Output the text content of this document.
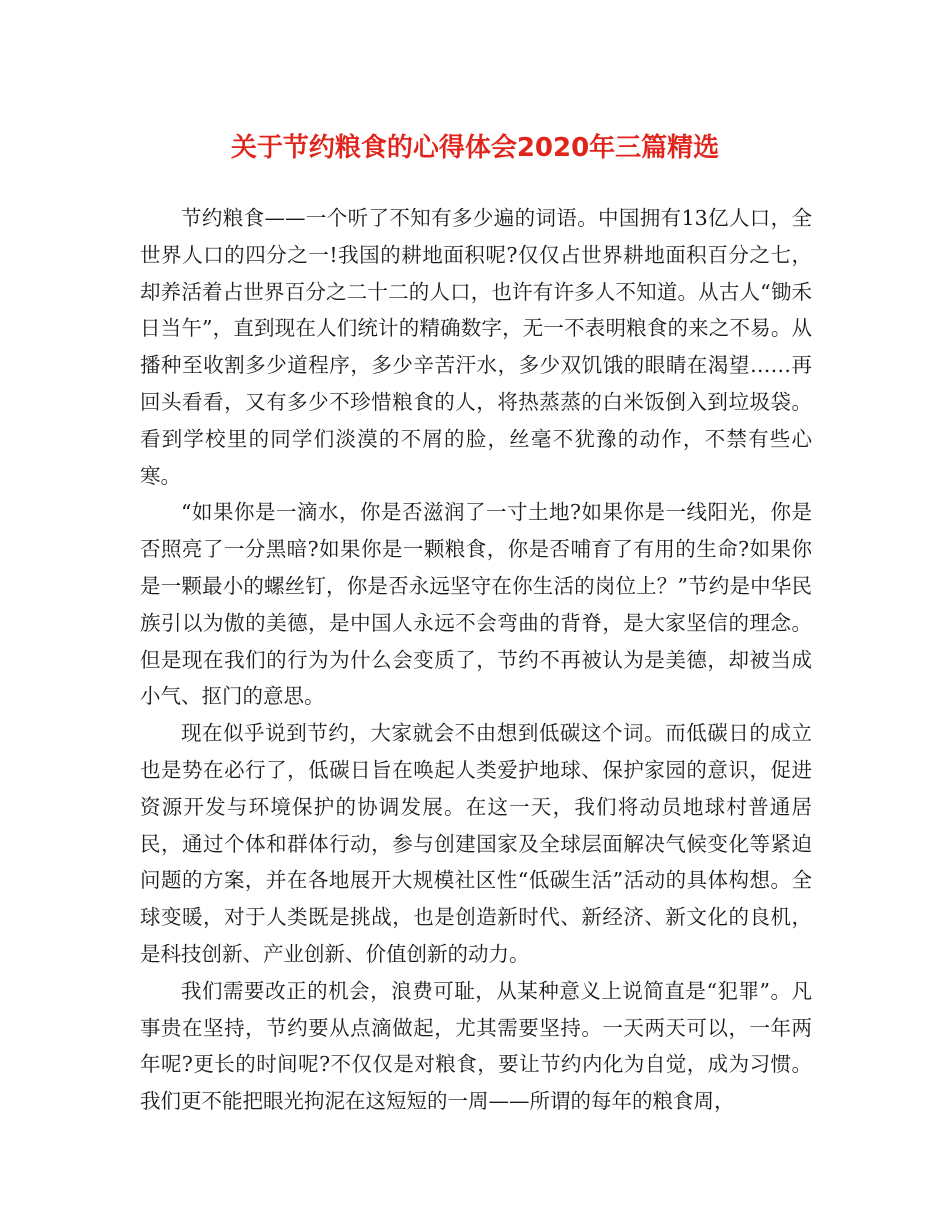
关于节约粮食的心得体会2020年三篇精选

节约粮食——一个听了不知有多少遍的词语。中国拥有13亿人口，全世界人口的四分之一!我国的耕地面积呢?仅仅占世界耕地面积百分之七，却养活着占世界百分之二十二的人口，也许有许多人不知道。从古人“锄禾日当午”，直到现在人们统计的精确数字，无一不表明粮食的来之不易。从播种至收割多少道程序，多少辛苦汗水，多少双饥饿的眼睛在渴望……再回头看看，又有多少不珍惜粮食的人，将热蒸蒸的白米饭倒入到垃圾袋。看到学校里的同学们淡漠的不屑的脸，丝毫不犹豫的动作，不禁有些心寒。

“如果你是一滴水，你是否滋润了一寸土地?如果你是一线阳光，你是否照亮了一分黑暗?如果你是一颗粮食，你是否哺育了有用的生命?如果你是一颗最小的螺丝钉，你是否永远坚守在你生活的岗位上？”节约是中华民族引以为傲的美德，是中国人永远不会弯曲的背脊，是大家坚信的理念。但是现在我们的行为为什么会变质了，节约不再被认为是美德，却被当成小气、抠门的意思。

现在似乎说到节约，大家就会不由想到低碳这个词。而低碳日的成立也是势在必行了，低碳日旨在唤起人类爱护地球、保护家园的意识，促进资源开发与环境保护的协调发展。在这一天，我们将动员地球村普通居民，通过个体和群体行动，参与创建国家及全球层面解决气候变化等紧迫问题的方案，并在各地展开大规模社区性“低碳生活”活动的具体构想。全球变暖，对于人类既是挑战，也是创造新时代、新经济、新文化的良机，是科技创新、产业创新、价值创新的动力。

我们需要改正的机会，浪费可耻，从某种意义上说简直是“犯罪”。凡事贵在坚持，节约要从点滴做起，尤其需要坚持。一天两天可以，一年两年呢?更长的时间呢?不仅仅是对粮食，要让节约内化为自觉，成为习惯。我们更不能把眼光拘泥在这短短的一周——所谓的每年的粮食周，
